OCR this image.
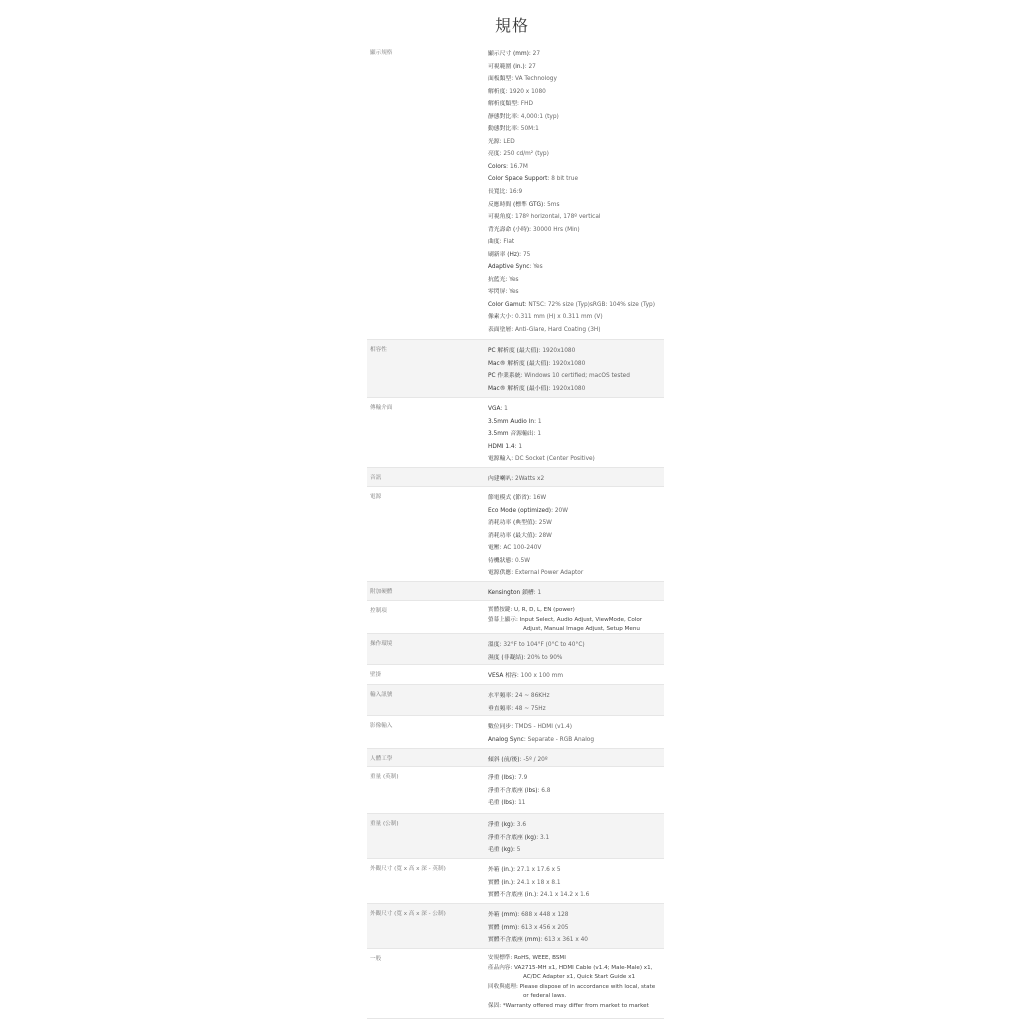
規格
顯示規格	顯示尺寸 (mm): 27
可視範圍 (in.): 27
面板類型: VA Technology
解析度: 1920 x 1080
解析度類型: FHD
靜態對比率: 4,000:1 (typ)
動態對比率: 50M:1
光源: LED
亮度: 250 cd/m² (typ)
Colors: 16.7M
Color Space Support: 8 bit true
長寬比: 16:9
反應時間 (標準 GTG): 5ms
可視角度: 178º horizontal, 178º vertical
背光壽命 (小時): 30000 Hrs (Min)
曲度: Flat
刷新率 (Hz): 75
Adaptive Sync: Yes
抗藍光: Yes
零閃屏: Yes
Color Gamut: NTSC: 72% size (Typ)sRGB: 104% size (Typ)
像素大小: 0.311 mm (H) x 0.311 mm (V)
表面塗層: Anti-Glare, Hard Coating (3H)
相容性	PC 解析度 (最大值): 1920x1080
Mac® 解析度 (最大值): 1920x1080
PC 作業系統: Windows 10 certified; macOS tested
Mac® 解析度 (最小值): 1920x1080
傳輸介面	VGA: 1
3.5mm Audio In: 1
3.5mm 音源輸出: 1
HDMI 1.4: 1
電源輸入: DC Socket (Center Positive)
音訊	內建喇叭: 2Watts x2
電源	節電模式 (節省): 16W
Eco Mode (optimized): 20W
消耗功率 (典型值): 25W
消耗功率 (最大值): 28W
電壓: AC 100-240V
待機狀態: 0.5W
電源供應: External Power Adaptor
附加硬體	Kensington 鎖槽: 1
控制項	實體按鍵: U, R, D, L, EN (power)
螢幕上顯示: Input Select, Audio Adjust, ViewMode, Color
Adjust, Manual Image Adjust, Setup Menu
操作環境	溫度: 32°F to 104°F (0°C to 40°C)
濕度 (非凝結): 20% to 90%
壁掛	VESA 相容: 100 x 100 mm
輸入訊號	水平頻率: 24 ~ 86KHz
垂直頻率: 48 ~ 75Hz
影像輸入	數位同步: TMDS - HDMI (v1.4)
Analog Sync: Separate - RGB Analog
人體工學	傾斜 (前/後): -5º / 20º
重量 (英制)	淨重 (lbs): 7.9
淨重不含底座 (lbs): 6.8
毛重 (lbs): 11
重量 (公制)	淨重 (kg): 3.6
淨重不含底座 (kg): 3.1
毛重 (kg): 5
外觀尺寸 (寬 x 高 x 深 - 英制)	外箱 (in.): 27.1 x 17.6 x 5
實體 (in.): 24.1 x 18 x 8.1
實體不含底座 (in.): 24.1 x 14.2 x 1.6
外觀尺寸 (寬 x 高 x 深 - 公制)	外箱 (mm): 688 x 448 x 128
實體 (mm): 613 x 456 x 205
實體不含底座 (mm): 613 x 361 x 40
一般	安規標準: RoHS, WEEE, BSMI
產品內容: VA2715-MH x1, HDMI Cable (v1.4; Male-Male) x1,
AC/DC Adapter x1, Quick Start Guide x1
回收與處理: Please dispose of in accordance with local, state
or federal laws.
保固: *Warranty offered may differ from market to market
